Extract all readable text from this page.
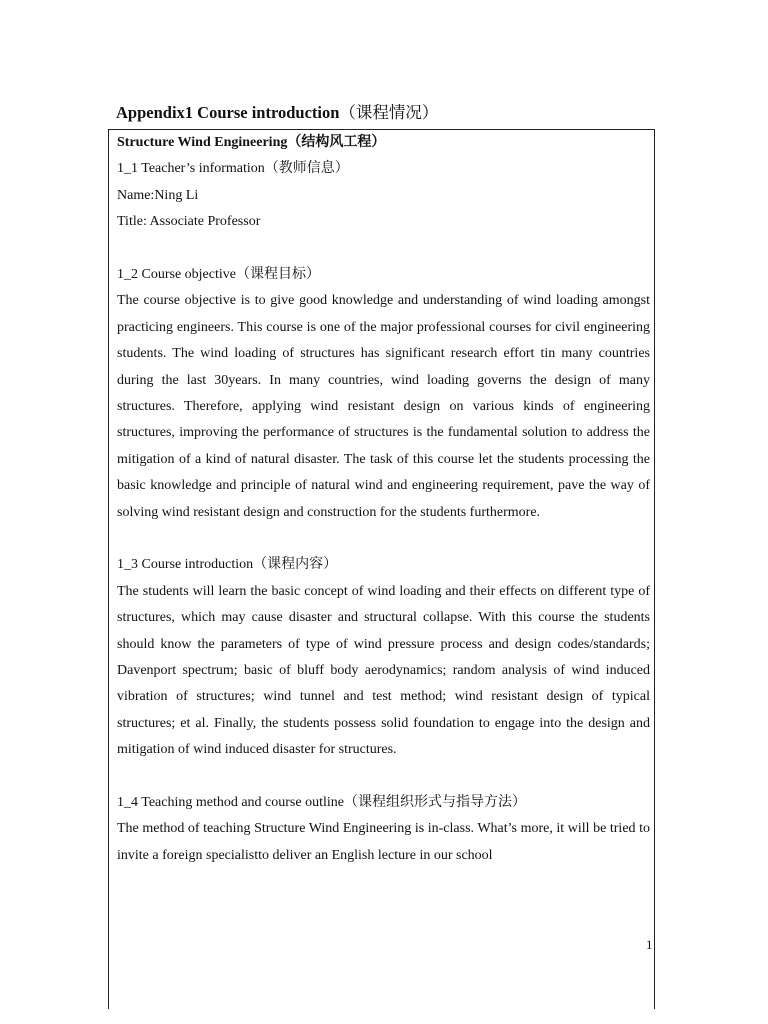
Appendix1 Course introduction（课程情况）
Structure Wind Engineering（结构风工程）
1_1 Teacher’s information（教师信息）
Name:Ning Li
Title: Associate Professor
1_2 Course objective（课程目标）

The course objective is to give good knowledge and understanding of wind loading amongst practicing engineers. This course is one of the major professional courses for civil engineering students. The wind loading of structures has significant research effort tin many countries during the last 30years. In many countries, wind loading governs the design of many structures. Therefore, applying wind resistant design on various kinds of engineering structures, improving the performance of structures is the fundamental solution to address the mitigation of a kind of natural disaster. The task of this course let the students processing the basic knowledge and principle of natural wind and engineering requirement, pave the way of solving wind resistant design and construction for the students furthermore.

1_3 Course introduction（课程内容）

The students will learn the basic concept of wind loading and their effects on different type of structures, which may cause disaster and structural collapse. With this course the students should know the parameters of type of wind pressure process and design codes/standards; Davenport spectrum; basic of bluff body aerodynamics; random analysis of wind induced vibration of structures; wind tunnel and test method; wind resistant design of typical structures; et al. Finally, the students possess solid foundation to engage into the design and mitigation of wind induced disaster for structures.

1_4 Teaching method and course outline（课程组织形式与指导方法）

The method of teaching Structure Wind Engineering is in-class. What’s more, it will be tried to invite a foreign specialistto deliver an English lecture in our school

1
